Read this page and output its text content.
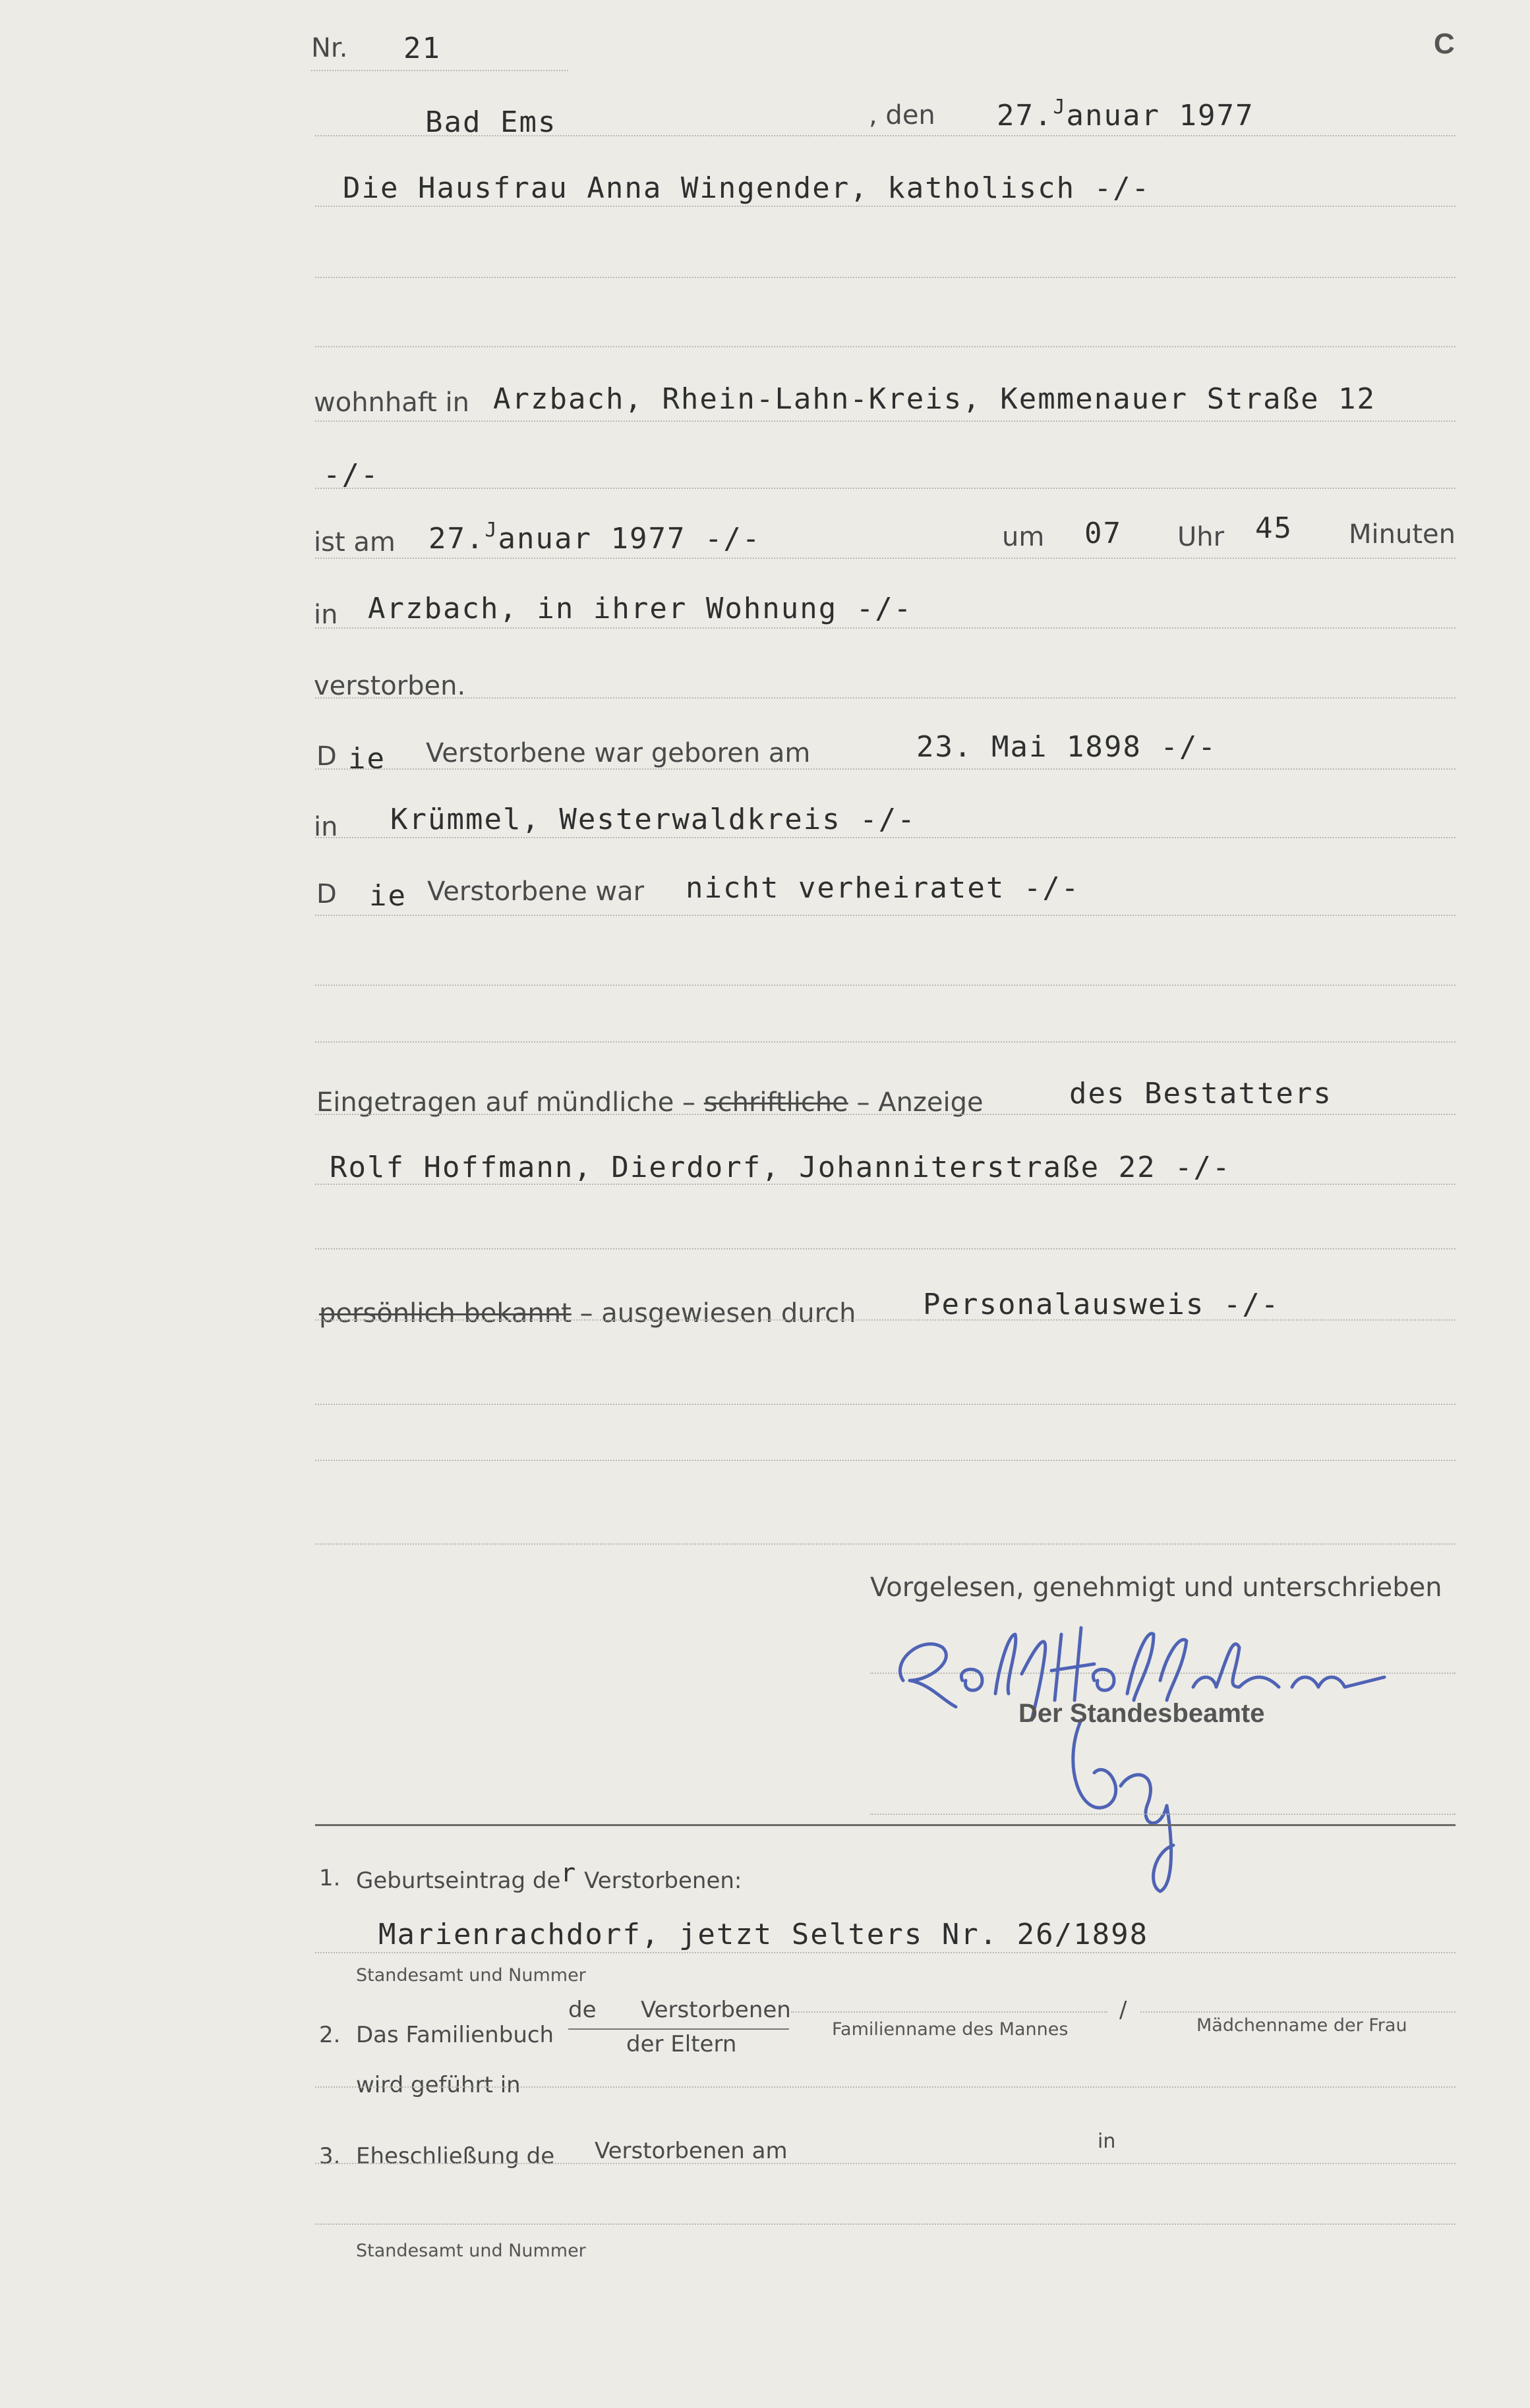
Nr. 21	C
Bad Ems	, den 27.$^J$anuar 1977
Die Hausfrau Anna Wingender, katholisch -/-
wohnhaft in Arzbach, Rhein-Lahn-Kreis, Kemmenauer Straße 12
-/-
ist am 27.$^J$anuar 1977 -/-	um 07 Uhr 45 Minuten
in Arzbach, in ihrer Wohnung -/-
verstorben.
D ie Verstorbene war geboren am	23. Mai 1898 -/-
in Krümmel, Westerwaldkreis -/-
D ie Verstorbene war nicht verheiratet -/-
Eingetragen auf mündliche – schriftliche – Anzeige	des Bestatters
Rolf Hoffmann, Dierdorf, Johanniterstraße 22 -/-
persönlich bekannt – ausgewiesen durch Personalausweis -/-
Vorgelesen, genehmigt und unterschrieben
Der Standesbeamte
1. Geburtseintrag der Verstorbenen:
Marienrachdorf, jetzt Selters Nr. 26/1898
Standesamt und Nummer
2. Das Familienbuch
de Verstorbenen
der Eltern
Familienname des Mannes
/
Mädchenname der Frau
wird geführt in
3. Eheschließung de Verstorbenen am	in
Standesamt und Nummer
